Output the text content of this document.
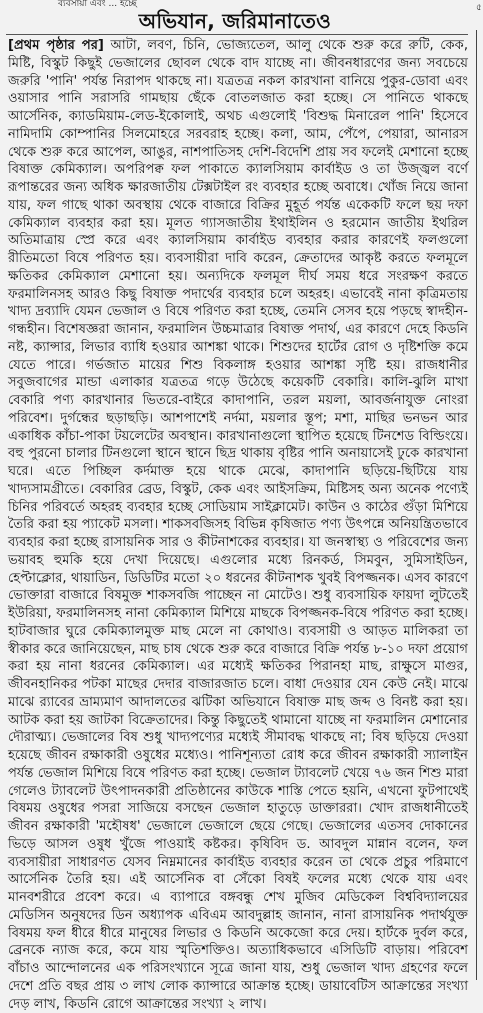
ব্যবসায়ী এবং ... হচ্ছে
অভিযান, জরিমানাতেও

[প্রথম পৃষ্ঠার পর] আটা, লবণ, চিনি, ভোজ্যতেল, আলু থেকে শুরু করে রুটি, কেক, মিষ্টি, বিস্কুট কিছুই ভেজালের ছোবল থেকে বাদ যাচ্ছে না। জীবনধারণের জন্য সবচেয়ে জরুরি 'পানি' পর্যন্ত নিরাপদ থাকছে না। যত্রতত্র নকল কারখানা বানিয়ে পুকুর-ডোবা এবং ওয়াসার পানি সরাসরি গামছায় ছেঁকে বোতলজাত করা হচ্ছে। সে পানিতে থাকছে আর্সেনিক, ক্যাডমিয়াম-লেড-ইকোলাই, অথচ এগুলোই 'বিশুদ্ধ মিনারেল পানি' হিসেবে নামিদামি কোম্পানির সিলমোহরে সরবরাহ হচ্ছে। কলা, আম, পেঁপে, পেয়ারা, আনারস থেকে শুরু করে আপেল, আঙুর, নাশপাতিসহ দেশি-বিদেশি প্রায় সব ফলেই মেশানো হচ্ছে বিষাক্ত কেমিক্যাল। অপরিপক্ব ফল পাকাতে ক্যালসিয়াম কার্বাইড ও তা উজ্জ্বল বর্ণে রূপান্তরের জন্য অধিক ক্ষারজাতীয় টেক্সটাইল রং ব্যবহার হচ্ছে অবাধে। খোঁজ নিয়ে জানা যায়, ফল গাছে থাকা অবস্থায় থেকে বাজারে বিক্রির মুহূর্ত পর্যন্ত একেকটি ফলে ছয় দফা কেমিক্যাল ব্যবহার করা হয়। মূলত গ্যাসজাতীয় ইথাইলিন ও হরমোন জাতীয় ইথরিল অতিমাত্রায় স্প্রে করে এবং ক্যালসিয়াম কার্বাইড ব্যবহার করার কারণেই ফলগুলো রীতিমতো বিষে পরিণত হয়। ব্যবসায়ীরা দাবি করেন, ক্রেতাদের আকৃষ্ট করতে ফলমূলে ক্ষতিকর কেমিক্যাল মেশানো হয়। অন্যদিকে ফলমূল দীর্ঘ সময় ধরে সংরক্ষণ করতে ফরমালিনসহ আরও কিছু বিষাক্ত পদার্থের ব্যবহার চলে অহরহ। এভাবেই নানা কৃত্রিমতায় খাদ্য দ্রব্যাদি যেমন ভেজাল ও বিষে পরিণত করা হচ্ছে, তেমনি সেসব হয়ে পড়ছে স্বাদহীন-গন্ধহীন। বিশেষজ্ঞরা জানান, ফরমালিন উচ্চমাত্রার বিষাক্ত পদার্থ, এর কারণে দেহে কিডনি নষ্ট, ক্যান্সার, লিভার ব্যাধি হওয়ার আশঙ্কা থাকে। শিশুদের হার্টের রোগ ও দৃষ্টিশক্তি কমে যেতে পারে। গর্ভজাত মায়ের শিশু বিকলাঙ্গ হওয়ার আশঙ্কা সৃষ্টি হয়। রাজধানীর সবুজবাগের মান্ডা এলাকার যত্রতত্র গড়ে উঠেছে কয়েকটি বেকারি। কালি-ঝুলি মাখা বেকারি পণ্য কারখানার ভিতরে-বাইরে কাদাপানি, তরল ময়লা, আবর্জনাযুক্ত নোংরা পরিবেশ। দুর্গন্ধের ছড়াছড়ি। আশপাশেই নর্দমা, ময়লার স্তূপ; মশা, মাছির ভনভন আর একাধিক কাঁচা-পাকা টয়লেটের অবস্থান। কারখানাগুলো স্থাপিত হয়েছে টিনশেড বিল্ডিংয়ে। বহু পুরনো চালার টিনগুলো স্থানে স্থানে ছিদ্র থাকায় বৃষ্টির পানি অনায়াসেই ঢুকে কারখানা ঘরে। এতে পিচ্ছিল কর্দমাক্ত হয়ে থাকে মেঝে, কাদাপানি ছড়িয়ে-ছিটিয়ে যায় খাদ্যসামগ্রীতে। বেকারির ব্রেড, বিস্কুট, কেক এবং আইসক্রিম, মিষ্টিসহ অন্য অনেক পণ্যেই চিনির পরিবর্তে অহরহ ব্যবহার হচ্ছে সোডিয়াম সাইক্লামেট। কাউন ও কাঠের গুঁড়া মিশিয়ে তৈরি করা হয় প্যাকেট মসলা। শাকসবজিসহ বিভিন্ন কৃষিজাত পণ্য উৎপন্নে অনিয়ন্ত্রিতভাবে ব্যবহার করা হচ্ছে রাসায়নিক সার ও কীটনাশকের ব্যবহার। যা জনস্বাস্থ্য ও পরিবেশের জন্য ভয়াবহ হুমকি হয়ে দেখা দিয়েছে। এগুলোর মধ্যে রিনকর্ড, সিমবুন, সুমিসাইডিন, হেপ্টাক্লোর, থায়াডিন, ডিডিটির মতো ২০ ধরনের কীটনাশক খুবই বিপজ্জনক। এসব কারণে ভোক্তারা বাজারে বিষমুক্ত শাকসবজি পাচ্ছেন না মোটেও। শুধু ব্যবসায়িক ফায়দা লুটতেই ইউরিয়া, ফরমালিনসহ নানা কেমিক্যাল মিশিয়ে মাছকে বিপজ্জনক-বিষে পরিণত করা হচ্ছে। হাটবাজার ঘুরে কেমিক্যালমুক্ত মাছ মেলে না কোথাও। ব্যবসায়ী ও আড়ত মালিকরা তা স্বীকার করে জানিয়েছেন, মাছ চাষ থেকে শুরু করে বাজারে বিক্রি পর্যন্ত ৮-১০ দফা প্রয়োগ করা হয় নানা ধরনের কেমিক্যাল। এর মধ্যেই ক্ষতিকর পিরানহা মাছ, রাক্ষুসে মাগুর, জীবনহানিকর পটকা মাছের দেদার বাজারজাত চলে। বাধা দেওয়ার যেন কেউ নেই। মাঝে মাঝে র‍্যাবের ভ্রাম্যমাণ আদালতের ঝটিকা অভিযানে বিষাক্ত মাছ জব্দ ও বিনষ্ট করা হয়। আটক করা হয় জাটকা বিক্রেতাদের। কিন্তু কিছুতেই থামানো যাচ্ছে না ফরমালিন মেশানোর দৌরাত্ম্য। ভেজালের বিষ শুধু খাদ্যপণ্যের মধ্যেই সীমাবদ্ধ থাকছে না; বিষ ছড়িয়ে দেওয়া হয়েছে জীবন রক্ষাকারী ওষুধের মধ্যেও। পানিশূন্যতা রোধ করে জীবন রক্ষাকারী স্যালাইন পর্যন্ত ভেজাল মিশিয়ে বিষে পরিণত করা হচ্ছে। ভেজাল ট্যাবলেট খেয়ে ৭৬ জন শিশু মারা গেলেও ট্যাবলেট উৎপাদনকারী প্রতিষ্ঠানের কাউকে শাস্তি পেতে হয়নি, এখনো ফুটপাথেই বিষময় ওষুধের পসরা সাজিয়ে বসছেন ভেজাল হাতুড়ে ডাক্তাররা। খোদ রাজধানীতেই জীবন রক্ষাকারী 'মহৌষধ' ভেজালে ভেজালে ছেয়ে গেছে। ভেজালের এতসব দোকানের ভিড়ে আসল ওষুধ খুঁজে পাওয়াই কষ্টকর। কৃষিবিদ ড. আবদুল মান্নান বলেন, ফল ব্যবসায়ীরা সাধারণত যেসব নিম্নমানের কার্বাইড ব্যবহার করেন তা থেকে প্রচুর পরিমাণে আর্সেনিক তৈরি হয়। এই আর্সেনিক বা সেঁকো বিষই ফলের মধ্যে থেকে যায় এবং মানবশরীরে প্রবেশ করে। এ ব্যাপারে বঙ্গবন্ধু শেখ মুজিব মেডিকেল বিশ্ববিদ্যালয়ের মেডিসিন অনুষদের ডিন অধ্যাপক এবিএম আবদুল্লাহ জানান, নানা রাসায়নিক পদার্থযুক্ত বিষময় ফল ধীরে ধীরে মানুষের লিভার ও কিডনি অকেজো করে দেয়। হার্টকে দুর্বল করে, ব্রেনকে ন্যাজ করে, কমে যায় স্মৃতিশক্তিও। অত্যাধিকভাবে এসিডিটি বাড়ায়। পরিবেশ বাঁচাও আন্দোলনের এক পরিসংখ্যানে সূত্রে জানা যায়, শুধু ভেজাল খাদ্য গ্রহণের ফলে দেশে প্রতি বছর প্রায় ৩ লাখ লোক ক্যান্সারে আক্রান্ত হচ্ছে। ডায়াবেটিস আক্রান্তের সংখ্যা দেড় লাখ, কিডনি রোগে আক্রান্তের সংখ্যা ২ লাখ।

৫
